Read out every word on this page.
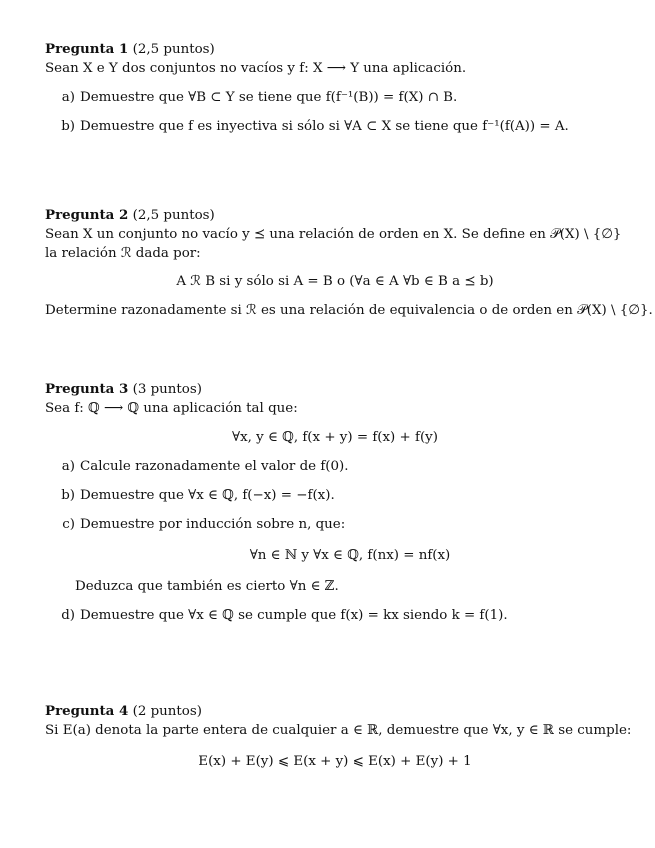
Pregunta 1 (2,5 puntos)
Sean X e Y dos conjuntos no vacíos y f: X ⟶ Y una aplicación.
a) Demuestre que ∀B ⊂ Y se tiene que f(f⁻¹(B)) = f(X) ∩ B.
b) Demuestre que f es inyectiva si sólo si ∀A ⊂ X se tiene que f⁻¹(f(A)) = A.
Pregunta 2 (2,5 puntos)
Sean X un conjunto no vacío y ⪯ una relación de orden en X. Se define en 𝒫(X) \ {∅}
la relación ℛ dada por:
A ℛ B si y sólo si A = B o (∀a ∈ A ∀b ∈ B a ⪯ b)
Determine razonadamente si ℛ es una relación de equivalencia o de orden en 𝒫(X) \ {∅}.
Pregunta 3 (3 puntos)
Sea f: ℚ ⟶ ℚ una aplicación tal que:
∀x, y ∈ ℚ, f(x + y) = f(x) + f(y)
a) Calcule razonadamente el valor de f(0).
b) Demuestre que ∀x ∈ ℚ, f(−x) = −f(x).
c) Demuestre por inducción sobre n, que:
∀n ∈ ℕ y ∀x ∈ ℚ, f(nx) = nf(x)
Deduzca que también es cierto ∀n ∈ ℤ.
d) Demuestre que ∀x ∈ ℚ se cumple que f(x) = kx siendo k = f(1).
Pregunta 4 (2 puntos)
Si E(a) denota la parte entera de cualquier a ∈ ℝ, demuestre que ∀x, y ∈ ℝ se cumple:
E(x) + E(y) ⩽ E(x + y) ⩽ E(x) + E(y) + 1
